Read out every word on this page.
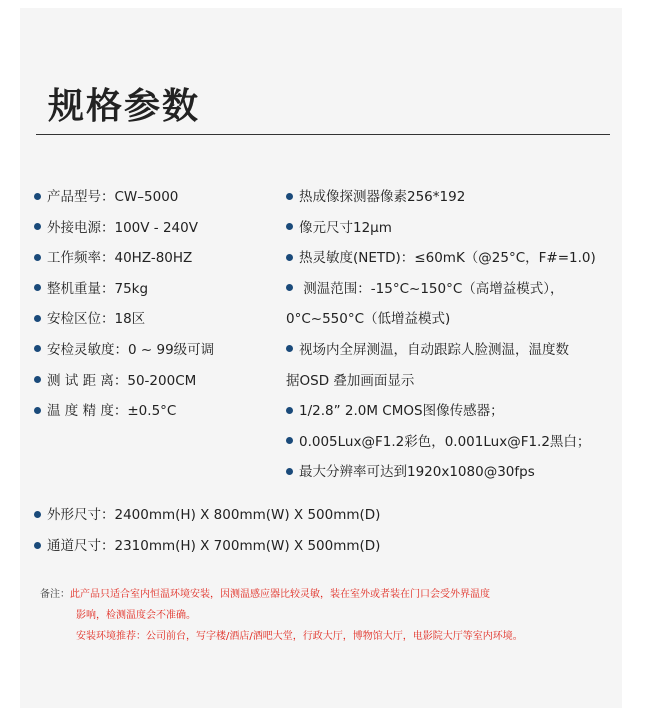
规格参数
产品型号：CW–5000
外接电源：100V - 240V
工作频率：40HZ-80HZ
整机重量：75kg
安检区位：18区
安检灵敏度：0 ~ 99级可调
测 试 距 离：50-200CM
温 度 精 度：±0.5°C
热成像探测器像素256*192
像元尺寸12μm
热灵敏度(NETD)：≤60mK（@25°C，F#=1.0)
测温范围：-15°C~150°C（高增益模式），
0°C~550°C（低增益模式)
视场内全屏测温，自动跟踪人脸测温，温度数
据OSD 叠加画面显示
1/2.8” 2.0M CMOS图像传感器；
0.005Lux@F1.2彩色，0.001Lux@F1.2黑白；
最大分辨率可达到1920x1080@30fps
外形尺寸：2400mm(H) X 800mm(W) X 500mm(D)
通道尺寸：2310mm(H) X 700mm(W) X 500mm(D)
备注：此产品只适合室内恒温环境安装，因测温感应器比较灵敏，装在室外或者装在门口会受外界温度
影响，检测温度会不准确。
安装环境推荐：公司前台，写字楼/酒店/酒吧大堂，行政大厅，博物馆大厅，电影院大厅等室内环境。
